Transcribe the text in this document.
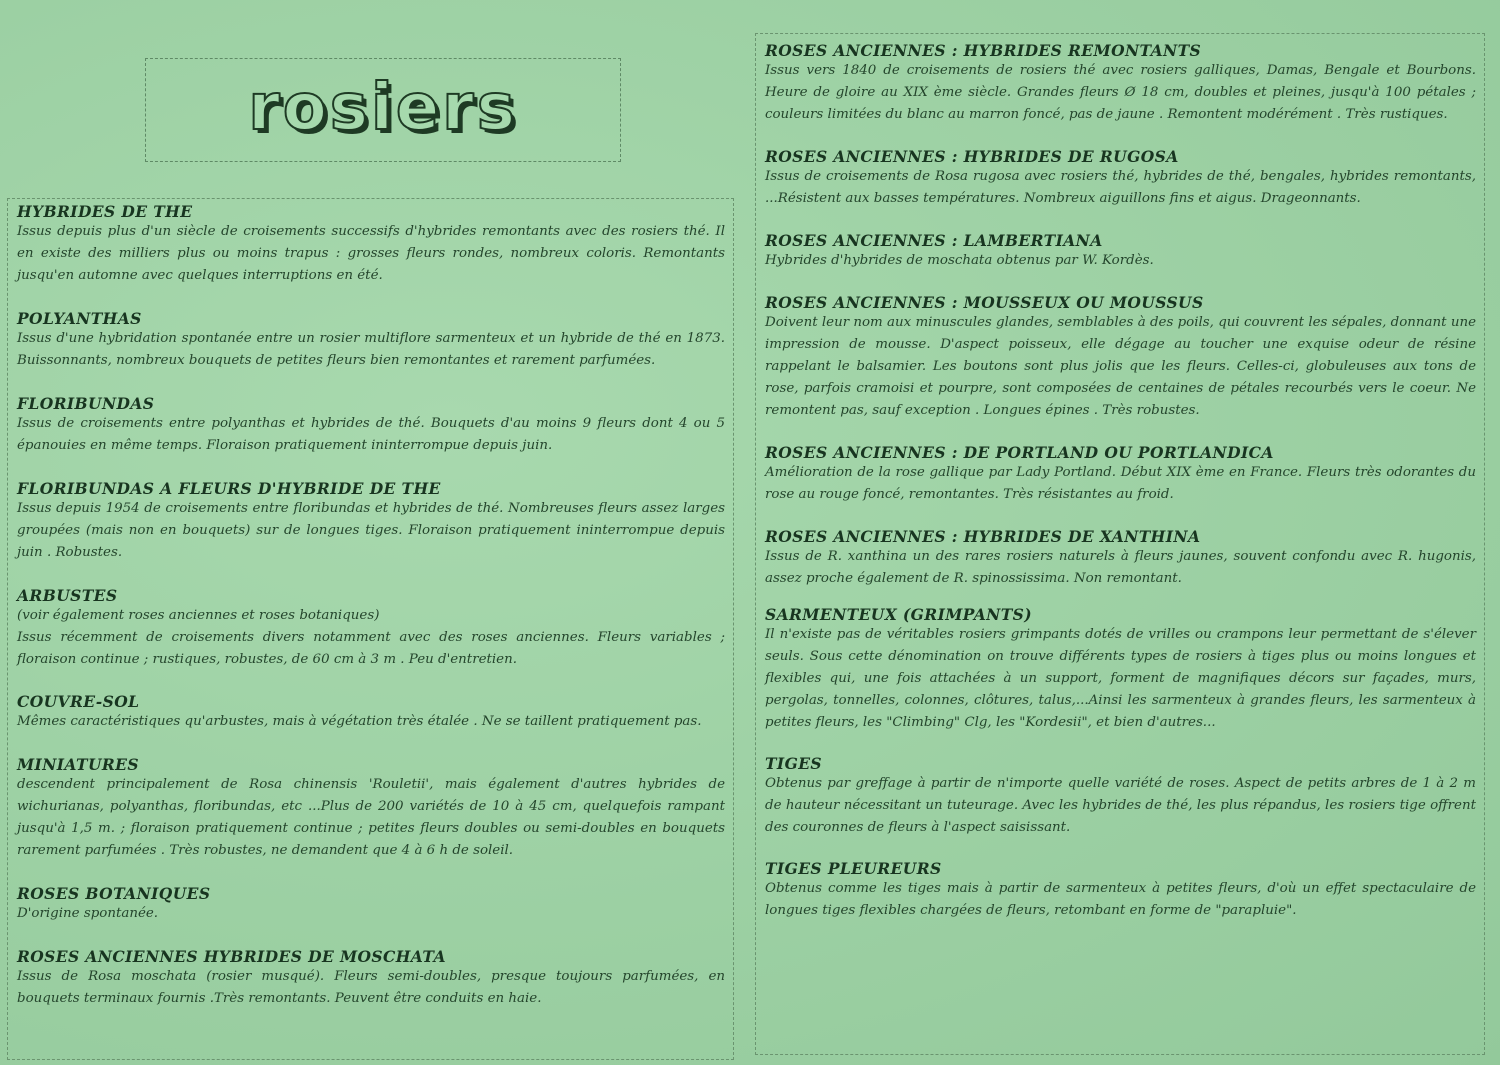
rosiers

HYBRIDES DE THE

Issus depuis plus d'un siècle de croisements successifs d'hybrides remontants avec des rosiers thé. Il en existe des milliers plus ou moins trapus : grosses fleurs rondes, nombreux coloris. Remontants jusqu'en automne avec quelques interruptions en été.

POLYANTHAS

Issus d'une hybridation spontanée entre un rosier multiflore sarmenteux et un hybride de thé en 1873. Buissonnants, nombreux bouquets de petites fleurs bien remontantes et rarement parfumées.

FLORIBUNDAS

Issus de croisements entre polyanthas et hybrides de thé. Bouquets d'au moins 9 fleurs dont 4 ou 5 épanouies en même temps. Floraison pratiquement ininterrompue depuis juin.

FLORIBUNDAS A FLEURS D'HYBRIDE DE THE

Issus depuis 1954 de croisements entre floribundas et hybrides de thé. Nombreuses fleurs assez larges groupées (mais non en bouquets) sur de longues tiges. Floraison pratiquement ininterrompue depuis juin . Robustes.

ARBUSTES

(voir également roses anciennes et roses botaniques)

Issus récemment de croisements divers notamment avec des roses anciennes. Fleurs variables ; floraison continue ; rustiques, robustes, de 60 cm à 3 m . Peu d'entretien.

COUVRE-SOL

Mêmes caractéristiques qu'arbustes, mais à végétation très étalée . Ne se taillent pratiquement pas.

MINIATURES

descendent principalement de Rosa chinensis 'Rouletii', mais également d'autres hybrides de wichurianas, polyanthas, floribundas, etc ...Plus de 200 variétés de 10 à 45 cm, quelquefois rampant jusqu'à 1,5 m. ; floraison pratiquement continue ; petites fleurs doubles ou semi-doubles en bouquets rarement parfumées . Très robustes, ne demandent que 4 à 6 h de soleil.

ROSES BOTANIQUES

D'origine spontanée.

ROSES ANCIENNES HYBRIDES DE MOSCHATA

Issus de Rosa moschata (rosier musqué). Fleurs semi-doubles, presque toujours parfumées, en bouquets terminaux fournis .Très remontants. Peuvent être conduits en haie.

ROSES ANCIENNES : HYBRIDES REMONTANTS

Issus vers 1840 de croisements de rosiers thé avec rosiers galliques, Damas, Bengale et Bourbons. Heure de gloire au XIX ème siècle. Grandes fleurs Ø 18 cm, doubles et pleines, jusqu'à 100 pétales ; couleurs limitées du blanc au marron foncé, pas de jaune . Remontent modérément . Très rustiques.

ROSES ANCIENNES : HYBRIDES DE RUGOSA

Issus de croisements de Rosa rugosa avec rosiers thé, hybrides de thé, bengales, hybrides remontants, ...Résistent aux basses températures. Nombreux aiguillons fins et aigus. Drageonnants.

ROSES ANCIENNES : LAMBERTIANA

Hybrides d'hybrides de moschata obtenus par W. Kordès.

ROSES ANCIENNES : MOUSSEUX OU MOUSSUS

Doivent leur nom aux minuscules glandes, semblables à des poils, qui couvrent les sépales, donnant une impression de mousse. D'aspect poisseux, elle dégage au toucher une exquise odeur de résine rappelant le balsamier. Les boutons sont plus jolis que les fleurs. Celles-ci, globuleuses aux tons de rose, parfois cramoisi et pourpre, sont composées de centaines de pétales recourbés vers le coeur. Ne remontent pas, sauf exception . Longues épines . Très robustes.

ROSES ANCIENNES : DE PORTLAND OU PORTLANDICA

Amélioration de la rose gallique par Lady Portland. Début XIX ème en France. Fleurs très odorantes du rose au rouge foncé, remontantes. Très résistantes au froid.

ROSES ANCIENNES : HYBRIDES DE XANTHINA

Issus de R. xanthina un des rares rosiers naturels à fleurs jaunes, souvent confondu avec R. hugonis, assez proche également de R. spinossissima. Non remontant.

SARMENTEUX (GRIMPANTS)

Il n'existe pas de véritables rosiers grimpants dotés de vrilles ou crampons leur permettant de s'élever seuls. Sous cette dénomination on trouve différents types de rosiers à tiges plus ou moins longues et flexibles qui, une fois attachées à un support, forment de magnifiques décors sur façades, murs, pergolas, tonnelles, colonnes, clôtures, talus,...Ainsi les sarmenteux à grandes fleurs, les sarmenteux à petites fleurs, les "Climbing" Clg, les "Kordesii", et bien d'autres...

TIGES

Obtenus par greffage à partir de n'importe quelle variété de roses. Aspect de petits arbres de 1 à 2 m de hauteur nécessitant un tuteurage. Avec les hybrides de thé, les plus répandus, les rosiers tige offrent des couronnes de fleurs à l'aspect saisissant.

TIGES PLEUREURS

Obtenus comme les tiges mais à partir de sarmenteux à petites fleurs, d'où un effet spectaculaire de longues tiges flexibles chargées de fleurs, retombant en forme de "parapluie".
